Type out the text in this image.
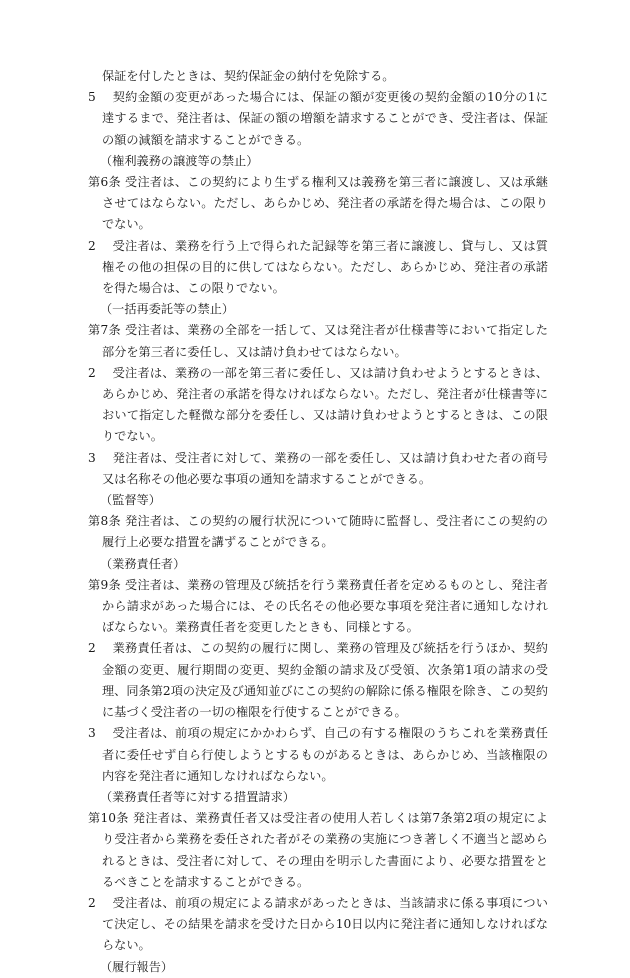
保証を付したときは、契約保証金の納付を免除する。
5　 契約金額の変更があった場合には、保証の額が変更後の契約金額の10分の1に達するまで、発注者は、保証の額の増額を請求することができ、受注者は、保証の額の減額を請求することができる。
（権利義務の譲渡等の禁止）
第6条 受注者は、この契約により生ずる権利又は義務を第三者に譲渡し、又は承継させてはならない。ただし、あらかじめ、発注者の承諾を得た場合は、この限りでない。
2　 受注者は、業務を行う上で得られた記録等を第三者に譲渡し、貸与し、又は質権その他の担保の目的に供してはならない。ただし、あらかじめ、発注者の承諾を得た場合は、この限りでない。
（一括再委託等の禁止）
第7条 受注者は、業務の全部を一括して、又は発注者が仕様書等において指定した部分を第三者に委任し、又は請け負わせてはならない。
2　 受注者は、業務の一部を第三者に委任し、又は請け負わせようとするときは、あらかじめ、発注者の承諾を得なければならない。ただし、発注者が仕様書等において指定した軽微な部分を委任し、又は請け負わせようとするときは、この限りでない。
3　 発注者は、受注者に対して、業務の一部を委任し、又は請け負わせた者の商号又は名称その他必要な事項の通知を請求することができる。
（監督等）
第8条 発注者は、この契約の履行状況について随時に監督し、受注者にこの契約の履行上必要な措置を講ずることができる。
（業務責任者）
第9条 受注者は、業務の管理及び統括を行う業務責任者を定めるものとし、発注者から請求があった場合には、その氏名その他必要な事項を発注者に通知しなければならない。業務責任者を変更したときも、同様とする。
2　 業務責任者は、この契約の履行に関し、業務の管理及び統括を行うほか、契約金額の変更、履行期間の変更、契約金額の請求及び受領、次条第1項の請求の受理、同条第2項の決定及び通知並びにこの契約の解除に係る権限を除き、この契約に基づく受注者の一切の権限を行使することができる。
3　 受注者は、前項の規定にかかわらず、自己の有する権限のうちこれを業務責任者に委任せず自ら行使しようとするものがあるときは、あらかじめ、当該権限の内容を発注者に通知しなければならない。
（業務責任者等に対する措置請求）
第10条 発注者は、業務責任者又は受注者の使用人若しくは第7条第2項の規定により受注者から業務を委任された者がその業務の実施につき著しく不適当と認められるときは、受注者に対して、その理由を明示した書面により、必要な措置をとるべきことを請求することができる。
2　 受注者は、前項の規定による請求があったときは、当該請求に係る事項について決定し、その結果を請求を受けた日から10日以内に発注者に通知しなければならない。
（履行報告）
